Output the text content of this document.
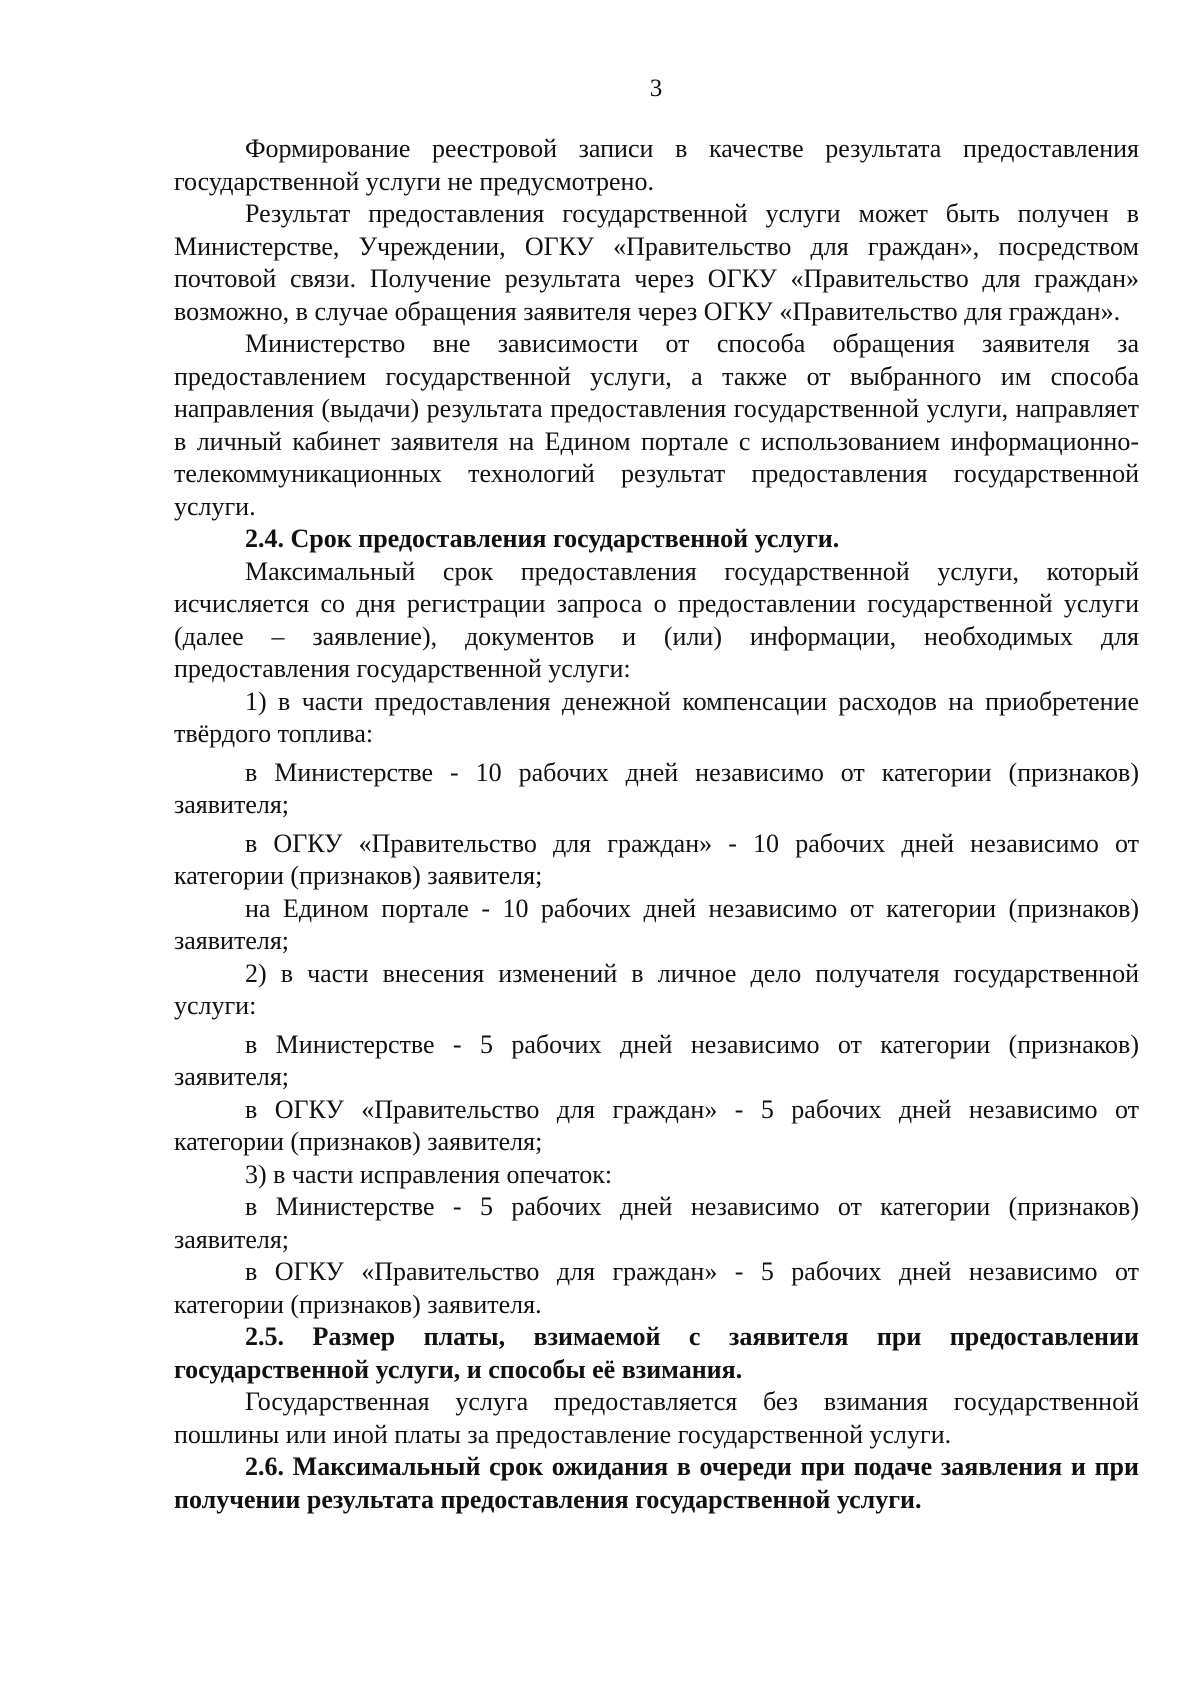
3

Формирование реестровой записи в качестве результата предоставления государственной услуги не предусмотрено.

Результат предоставления государственной услуги может быть получен в Министерстве, Учреждении, ОГКУ «Правительство для граждан», посредством почтовой связи. Получение результата через ОГКУ «Правительство для граждан» возможно, в случае обращения заявителя через ОГКУ «Правительство для граждан».

Министерство вне зависимости от способа обращения заявителя за предоставлением государственной услуги, а также от выбранного им способа направления (выдачи) результата предоставления государственной услуги, направляет в личный кабинет заявителя на Едином портале с использованием информационно-телекоммуникационных технологий результат предоставления государственной услуги.

2.4. Срок предоставления государственной услуги.

Максимальный срок предоставления государственной услуги, который исчисляется со дня регистрации запроса о предоставлении государственной услуги (далее – заявление), документов и (или) информации, необходимых для предоставления государственной услуги:

1) в части предоставления денежной компенсации расходов на приобретение твёрдого топлива:

в Министерстве - 10 рабочих дней независимо от категории (признаков) заявителя;

в ОГКУ «Правительство для граждан» - 10 рабочих дней независимо от категории (признаков) заявителя;

на Едином портале - 10 рабочих дней независимо от категории (признаков) заявителя;

2) в части внесения изменений в личное дело получателя государственной услуги:

в Министерстве - 5 рабочих дней независимо от категории (признаков) заявителя;

в ОГКУ «Правительство для граждан» - 5 рабочих дней независимо от категории (признаков) заявителя;

3) в части исправления опечаток:

в Министерстве - 5 рабочих дней независимо от категории (признаков) заявителя;

в ОГКУ «Правительство для граждан» - 5 рабочих дней независимо от категории (признаков) заявителя.

2.5. Размер платы, взимаемой с заявителя при предоставлении государственной услуги, и способы её взимания.

Государственная услуга предоставляется без взимания государственной пошлины или иной платы за предоставление государственной услуги.

2.6. Максимальный срок ожидания в очереди при подаче заявления и при получении результата предоставления государственной услуги.
